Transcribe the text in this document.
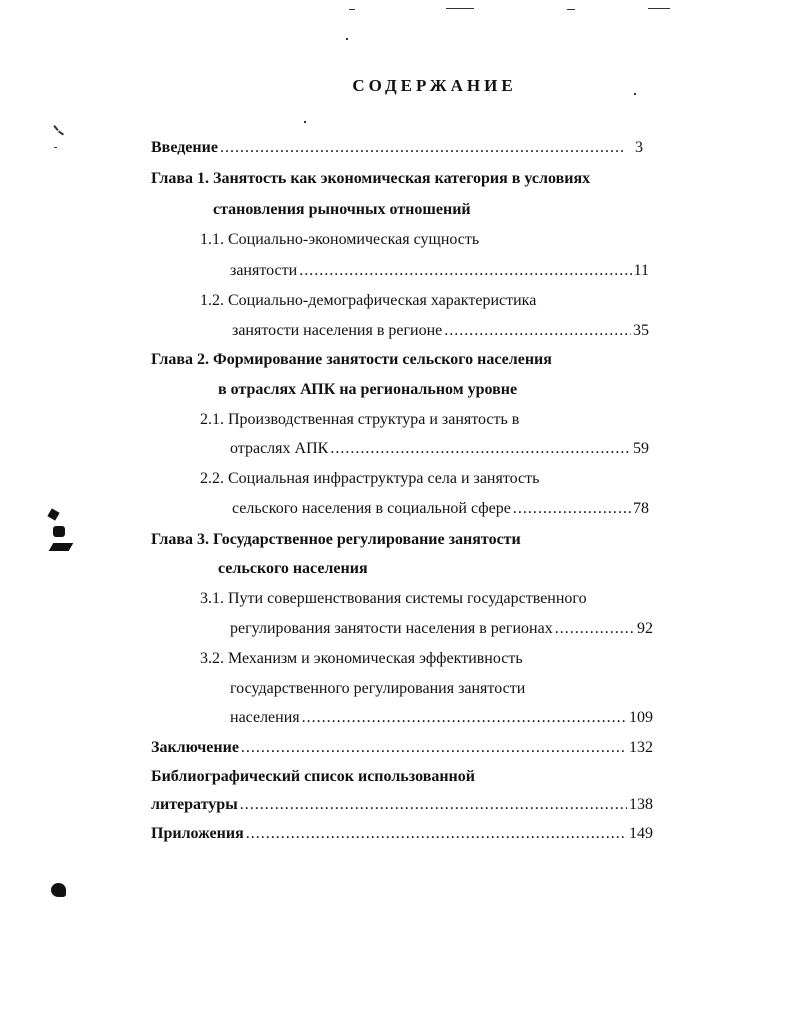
СОДЕРЖАНИЕ
Введение .....	3
Глава 1. Занятость как экономическая категория в условиях
становления рыночных отношений
1.1. Социально-экономическая сущность
занятости .....	11
1.2. Социально-демографическая характеристика
занятости населения в регионе .....	35
Глава 2. Формирование занятости сельского населения
в отраслях АПК на региональном уровне
2.1. Производственная структура и занятость в
отраслях АПК .....	59
2.2. Социальная инфраструктура села и занятость
сельского населения в социальной сфере .....	78
Глава 3. Государственное регулирование занятости
сельского населения
3.1. Пути совершенствования системы государственного
регулирования занятости населения в регионах .....	92
3.2. Механизм и экономическая эффективность
государственного регулирования занятости
населения .....	109
Заключение .....	132
Библиографический список использованной
литературы .....	138
Приложения .....	149
